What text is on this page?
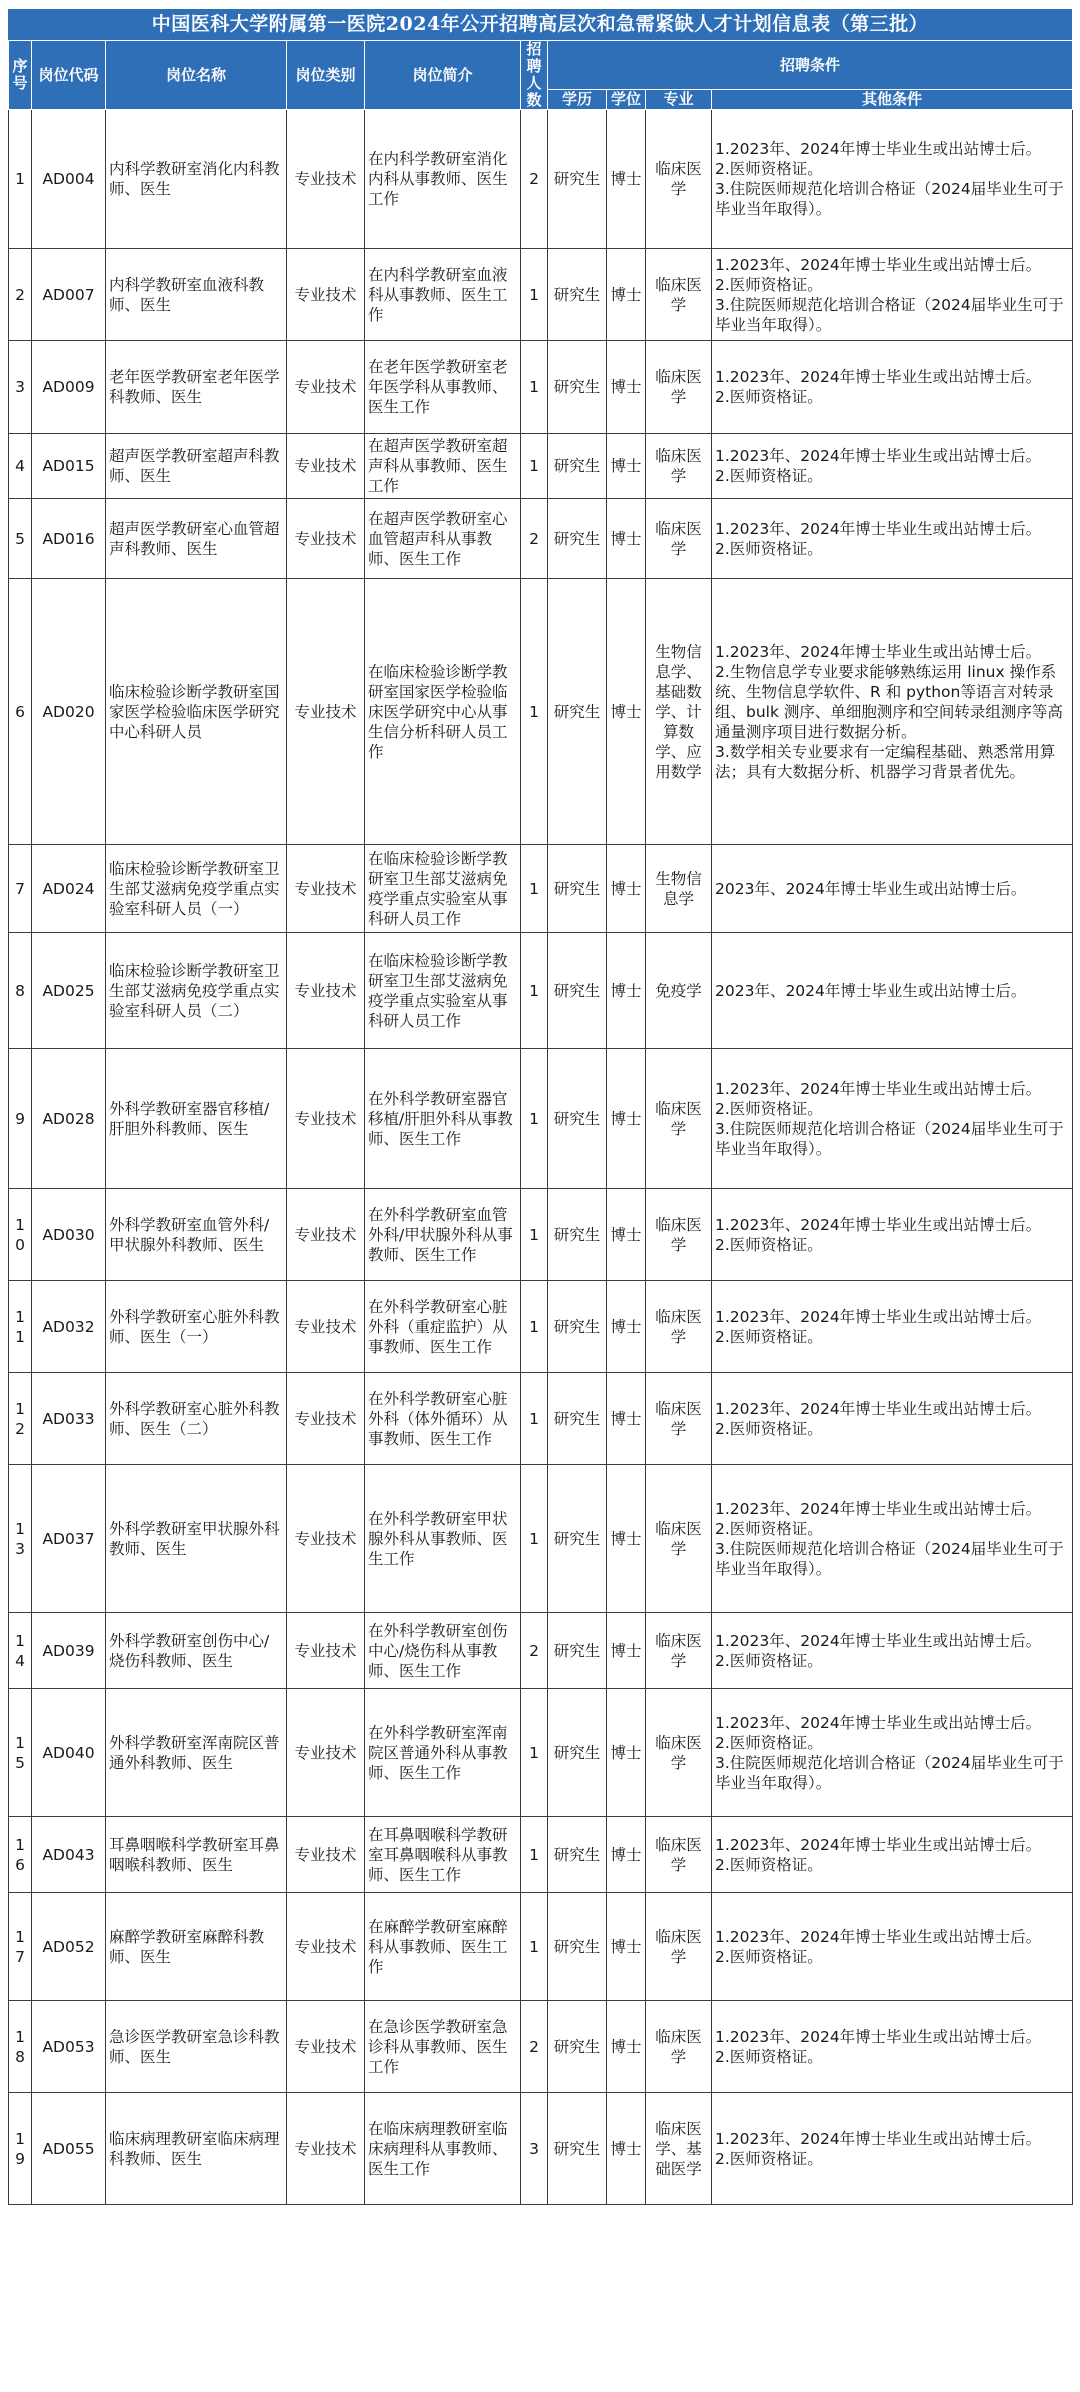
中国医科大学附属第一医院2024年公开招聘高层次和急需紧缺人才计划信息表（第三批）
序号	岗位代码	岗位名称	岗位类别	岗位简介	招聘人数	招聘条件			
						学历	学位	专业	其他条件
1	AD004	内科学教研室消化内科教师、医生	专业技术	在内科学教研室消化内科从事教师、医生工作	2	研究生	博士	临床医学	1.2023年、2024年博士毕业生或出站博士后。
2.医师资格证。
3.住院医师规范化培训合格证（2024届毕业生可于毕业当年取得）。
2	AD007	内科学教研室血液科教师、医生	专业技术	在内科学教研室血液科从事教师、医生工作	1	研究生	博士	临床医学	1.2023年、2024年博士毕业生或出站博士后。
2.医师资格证。
3.住院医师规范化培训合格证（2024届毕业生可于毕业当年取得）。
3	AD009	老年医学教研室老年医学科教师、医生	专业技术	在老年医学教研室老年医学科从事教师、医生工作	1	研究生	博士	临床医学	1.2023年、2024年博士毕业生或出站博士后。
2.医师资格证。
4	AD015	超声医学教研室超声科教师、医生	专业技术	在超声医学教研室超声科从事教师、医生工作	1	研究生	博士	临床医学	1.2023年、2024年博士毕业生或出站博士后。
2.医师资格证。
5	AD016	超声医学教研室心血管超声科教师、医生	专业技术	在超声医学教研室心血管超声科从事教师、医生工作	2	研究生	博士	临床医学	1.2023年、2024年博士毕业生或出站博士后。
2.医师资格证。
6	AD020	临床检验诊断学教研室国家医学检验临床医学研究中心科研人员	专业技术	在临床检验诊断学教研室国家医学检验临床医学研究中心从事生信分析科研人员工作	1	研究生	博士	生物信息学、基础数学、计算数学、应用数学	1.2023年、2024年博士毕业生或出站博士后。
2.生物信息学专业要求能够熟练运用 linux 操作系统、生物信息学软件、R 和 python等语言对转录组、bulk 测序、单细胞测序和空间转录组测序等高通量测序项目进行数据分析。
3.数学相关专业要求有一定编程基础、熟悉常用算法；具有大数据分析、机器学习背景者优先。
7	AD024	临床检验诊断学教研室卫生部艾滋病免疫学重点实验室科研人员（一）	专业技术	在临床检验诊断学教研室卫生部艾滋病免疫学重点实验室从事科研人员工作	1	研究生	博士	生物信息学	2023年、2024年博士毕业生或出站博士后。
8	AD025	临床检验诊断学教研室卫生部艾滋病免疫学重点实验室科研人员（二）	专业技术	在临床检验诊断学教研室卫生部艾滋病免疫学重点实验室从事科研人员工作	1	研究生	博士	免疫学	2023年、2024年博士毕业生或出站博士后。
9	AD028	外科学教研室器官移植/肝胆外科教师、医生	专业技术	在外科学教研室器官移植/肝胆外科从事教师、医生工作	1	研究生	博士	临床医学	1.2023年、2024年博士毕业生或出站博士后。
2.医师资格证。
3.住院医师规范化培训合格证（2024届毕业生可于毕业当年取得）。
10	AD030	外科学教研室血管外科/甲状腺外科教师、医生	专业技术	在外科学教研室血管外科/甲状腺外科从事教师、医生工作	1	研究生	博士	临床医学	1.2023年、2024年博士毕业生或出站博士后。
2.医师资格证。
11	AD032	外科学教研室心脏外科教师、医生（一）	专业技术	在外科学教研室心脏外科（重症监护）从事教师、医生工作	1	研究生	博士	临床医学	1.2023年、2024年博士毕业生或出站博士后。
2.医师资格证。
12	AD033	外科学教研室心脏外科教师、医生（二）	专业技术	在外科学教研室心脏外科（体外循环）从事教师、医生工作	1	研究生	博士	临床医学	1.2023年、2024年博士毕业生或出站博士后。
2.医师资格证。
13	AD037	外科学教研室甲状腺外科教师、医生	专业技术	在外科学教研室甲状腺外科从事教师、医生工作	1	研究生	博士	临床医学	1.2023年、2024年博士毕业生或出站博士后。
2.医师资格证。
3.住院医师规范化培训合格证（2024届毕业生可于毕业当年取得）。
14	AD039	外科学教研室创伤中心/烧伤科教师、医生	专业技术	在外科学教研室创伤中心/烧伤科从事教师、医生工作	2	研究生	博士	临床医学	1.2023年、2024年博士毕业生或出站博士后。
2.医师资格证。
15	AD040	外科学教研室浑南院区普通外科教师、医生	专业技术	在外科学教研室浑南院区普通外科从事教师、医生工作	1	研究生	博士	临床医学	1.2023年、2024年博士毕业生或出站博士后。
2.医师资格证。
3.住院医师规范化培训合格证（2024届毕业生可于毕业当年取得）。
16	AD043	耳鼻咽喉科学教研室耳鼻咽喉科教师、医生	专业技术	在耳鼻咽喉科学教研室耳鼻咽喉科从事教师、医生工作	1	研究生	博士	临床医学	1.2023年、2024年博士毕业生或出站博士后。
2.医师资格证。
17	AD052	麻醉学教研室麻醉科教师、医生	专业技术	在麻醉学教研室麻醉科从事教师、医生工作	1	研究生	博士	临床医学	1.2023年、2024年博士毕业生或出站博士后。
2.医师资格证。
18	AD053	急诊医学教研室急诊科教师、医生	专业技术	在急诊医学教研室急诊科从事教师、医生工作	2	研究生	博士	临床医学	1.2023年、2024年博士毕业生或出站博士后。
2.医师资格证。
19	AD055	临床病理教研室临床病理科教师、医生	专业技术	在临床病理教研室临床病理科从事教师、医生工作	3	研究生	博士	临床医学、基础医学	1.2023年、2024年博士毕业生或出站博士后。
2.医师资格证。
